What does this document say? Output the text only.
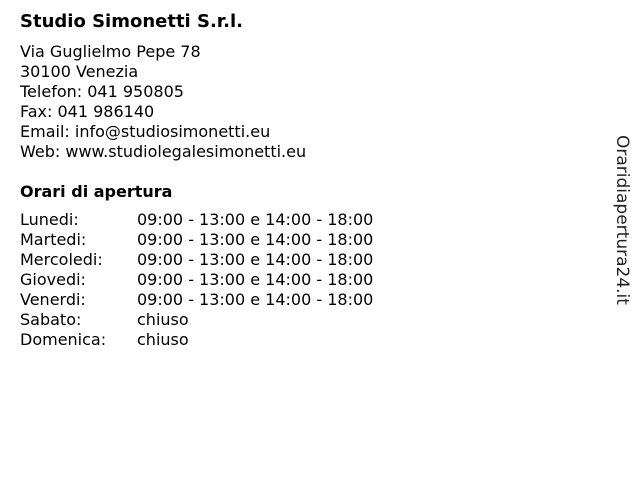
Studio Simonetti S.r.l.
Via Guglielmo Pepe 78
30100 Venezia
Telefon: 041 950805
Fax: 041 986140
Email: info@studiosimonetti.eu
Web: www.studiolegalesimonetti.eu
Orari di apertura
Lunedi:	09:00 - 13:00 e 14:00 - 18:00
Martedi:	09:00 - 13:00 e 14:00 - 18:00
Mercoledi:	09:00 - 13:00 e 14:00 - 18:00
Giovedi:	09:00 - 13:00 e 14:00 - 18:00
Venerdi:	09:00 - 13:00 e 14:00 - 18:00
Sabato:	chiuso
Domenica:	chiuso
Oraridiapertura24.it
